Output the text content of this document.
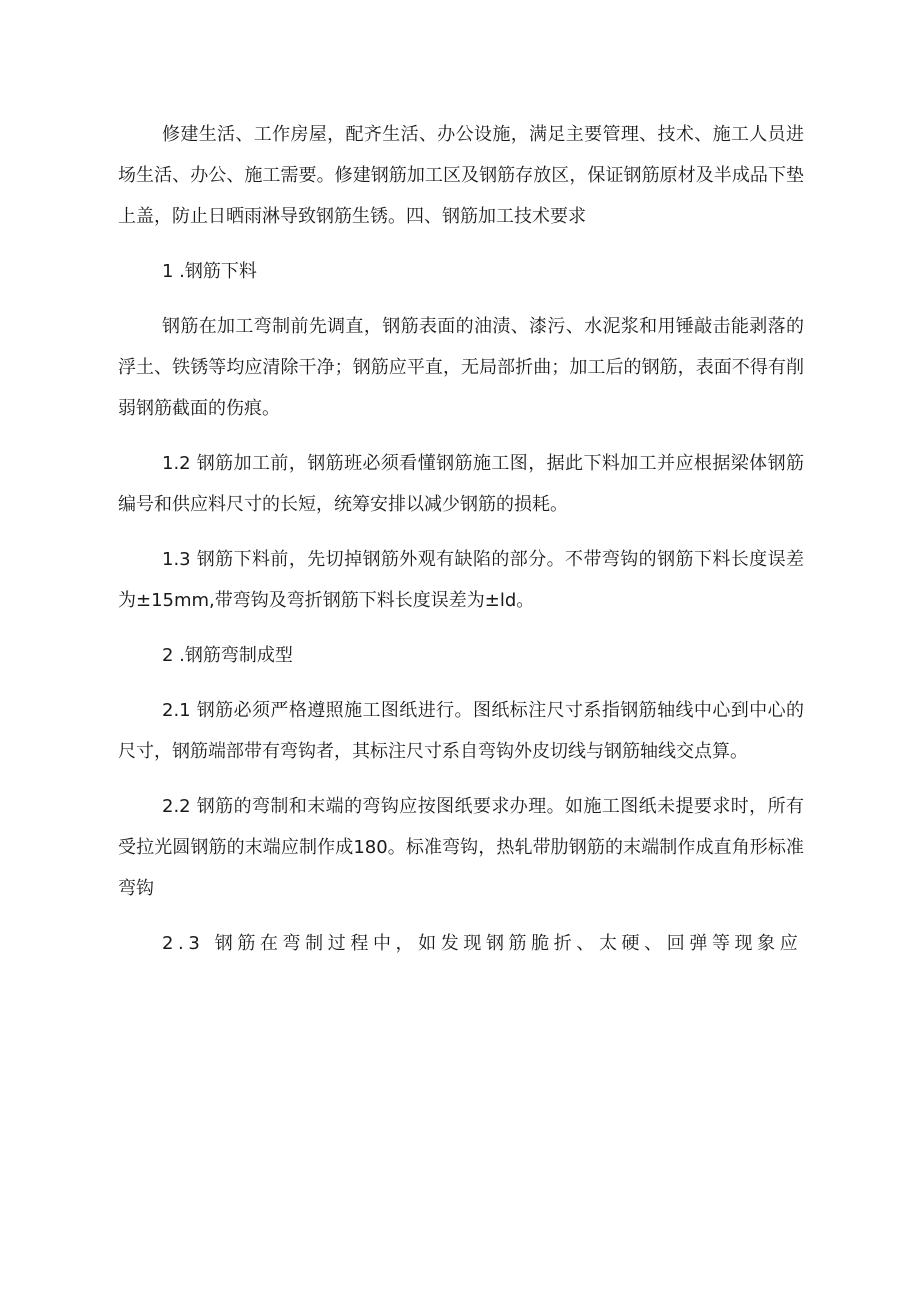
修建生活、工作房屋，配齐生活、办公设施，满足主要管理、技术、施工人员进场生活、办公、施工需要。修建钢筋加工区及钢筋存放区，保证钢筋原材及半成品下垫上盖，防止日晒雨淋导致钢筋生锈。四、钢筋加工技术要求

1 .钢筋下料

钢筋在加工弯制前先调直，钢筋表面的油渍、漆污、水泥浆和用锤敲击能剥落的浮土、铁锈等均应清除干净；钢筋应平直，无局部折曲；加工后的钢筋，表面不得有削弱钢筋截面的伤痕。

1.2 钢筋加工前，钢筋班必须看懂钢筋施工图，据此下料加工并应根据梁体钢筋编号和供应料尺寸的长短，统筹安排以减少钢筋的损耗。

1.3 钢筋下料前，先切掉钢筋外观有缺陷的部分。不带弯钩的钢筋下料长度误差为±15mm,带弯钩及弯折钢筋下料长度误差为±ld。

2 .钢筋弯制成型

2.1 钢筋必须严格遵照施工图纸进行。图纸标注尺寸系指钢筋轴线中心到中心的尺寸，钢筋端部带有弯钩者，其标注尺寸系自弯钩外皮切线与钢筋轴线交点算。

2.2 钢筋的弯制和末端的弯钩应按图纸要求办理。如施工图纸未提要求时，所有受拉光圆钢筋的末端应制作成180。标准弯钩，热轧带肋钢筋的末端制作成直角形标准弯钩

2.3 钢筋在弯制过程中，如发现钢筋脆折、太硬、回弹等现象应
